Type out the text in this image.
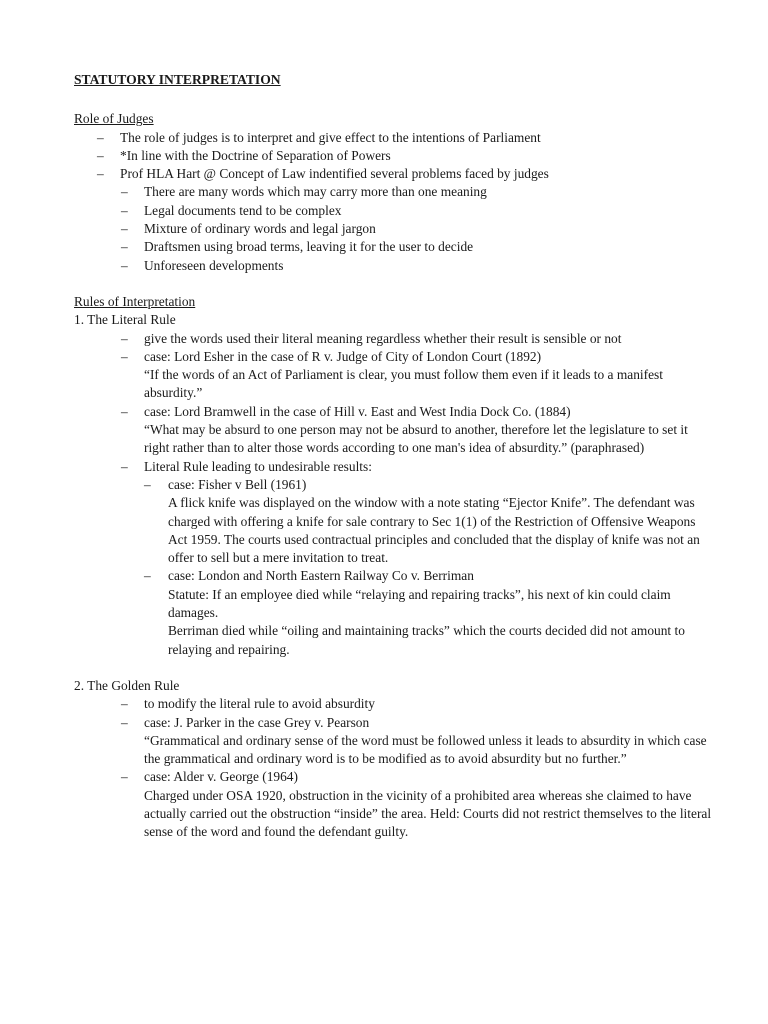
STATUTORY INTERPRETATION

Role of Judges

– The role of judges is to interpret and give effect to the intentions of Parliament
– *In line with the Doctrine of Separation of Powers
– Prof HLA Hart @ Concept of Law indentified several problems faced by judges
– There are many words which may carry more than one meaning
– Legal documents tend to be complex
– Mixture of ordinary words and legal jargon
– Draftsmen using broad terms, leaving it for the user to decide
– Unforeseen developments

Rules of Interpretation

1. The Literal Rule

– give the words used their literal meaning regardless whether their result is sensible or not
– case: Lord Esher in the case of R v. Judge of City of London Court (1892)

“If the words of an Act of Parliament is clear, you must follow them even if it leads to a manifest absurdity.”

– case: Lord Bramwell in the case of Hill v. East and West India Dock Co. (1884)

“What may be absurd to one person may not be absurd to another, therefore let the legislature to set it right rather than to alter those words according to one man's idea of absurdity.” (paraphrased)

– Literal Rule leading to undesirable results:
– case: Fisher v Bell (1961)

A flick knife was displayed on the window with a note stating “Ejector Knife”. The defendant was charged with offering a knife for sale contrary to Sec 1(1) of the Restriction of Offensive Weapons Act 1959. The courts used contractual principles and concluded that the display of knife was not an offer to sell but a mere invitation to treat.

– case: London and North Eastern Railway Co v. Berriman

Statute: If an employee died while “relaying and repairing tracks”, his next of kin could claim damages.

Berriman died while “oiling and maintaining tracks” which the courts decided did not amount to relaying and repairing.

2. The Golden Rule

– to modify the literal rule to avoid absurdity
– case: J. Parker in the case Grey v. Pearson

“Grammatical and ordinary sense of the word must be followed unless it leads to absurdity in which case the grammatical and ordinary word is to be modified as to avoid absurdity but no further.”

– case: Alder v. George (1964)

Charged under OSA 1920, obstruction in the vicinity of a prohibited area whereas she claimed to have actually carried out the obstruction “inside” the area. Held: Courts did not restrict themselves to the literal sense of the word and found the defendant guilty.
